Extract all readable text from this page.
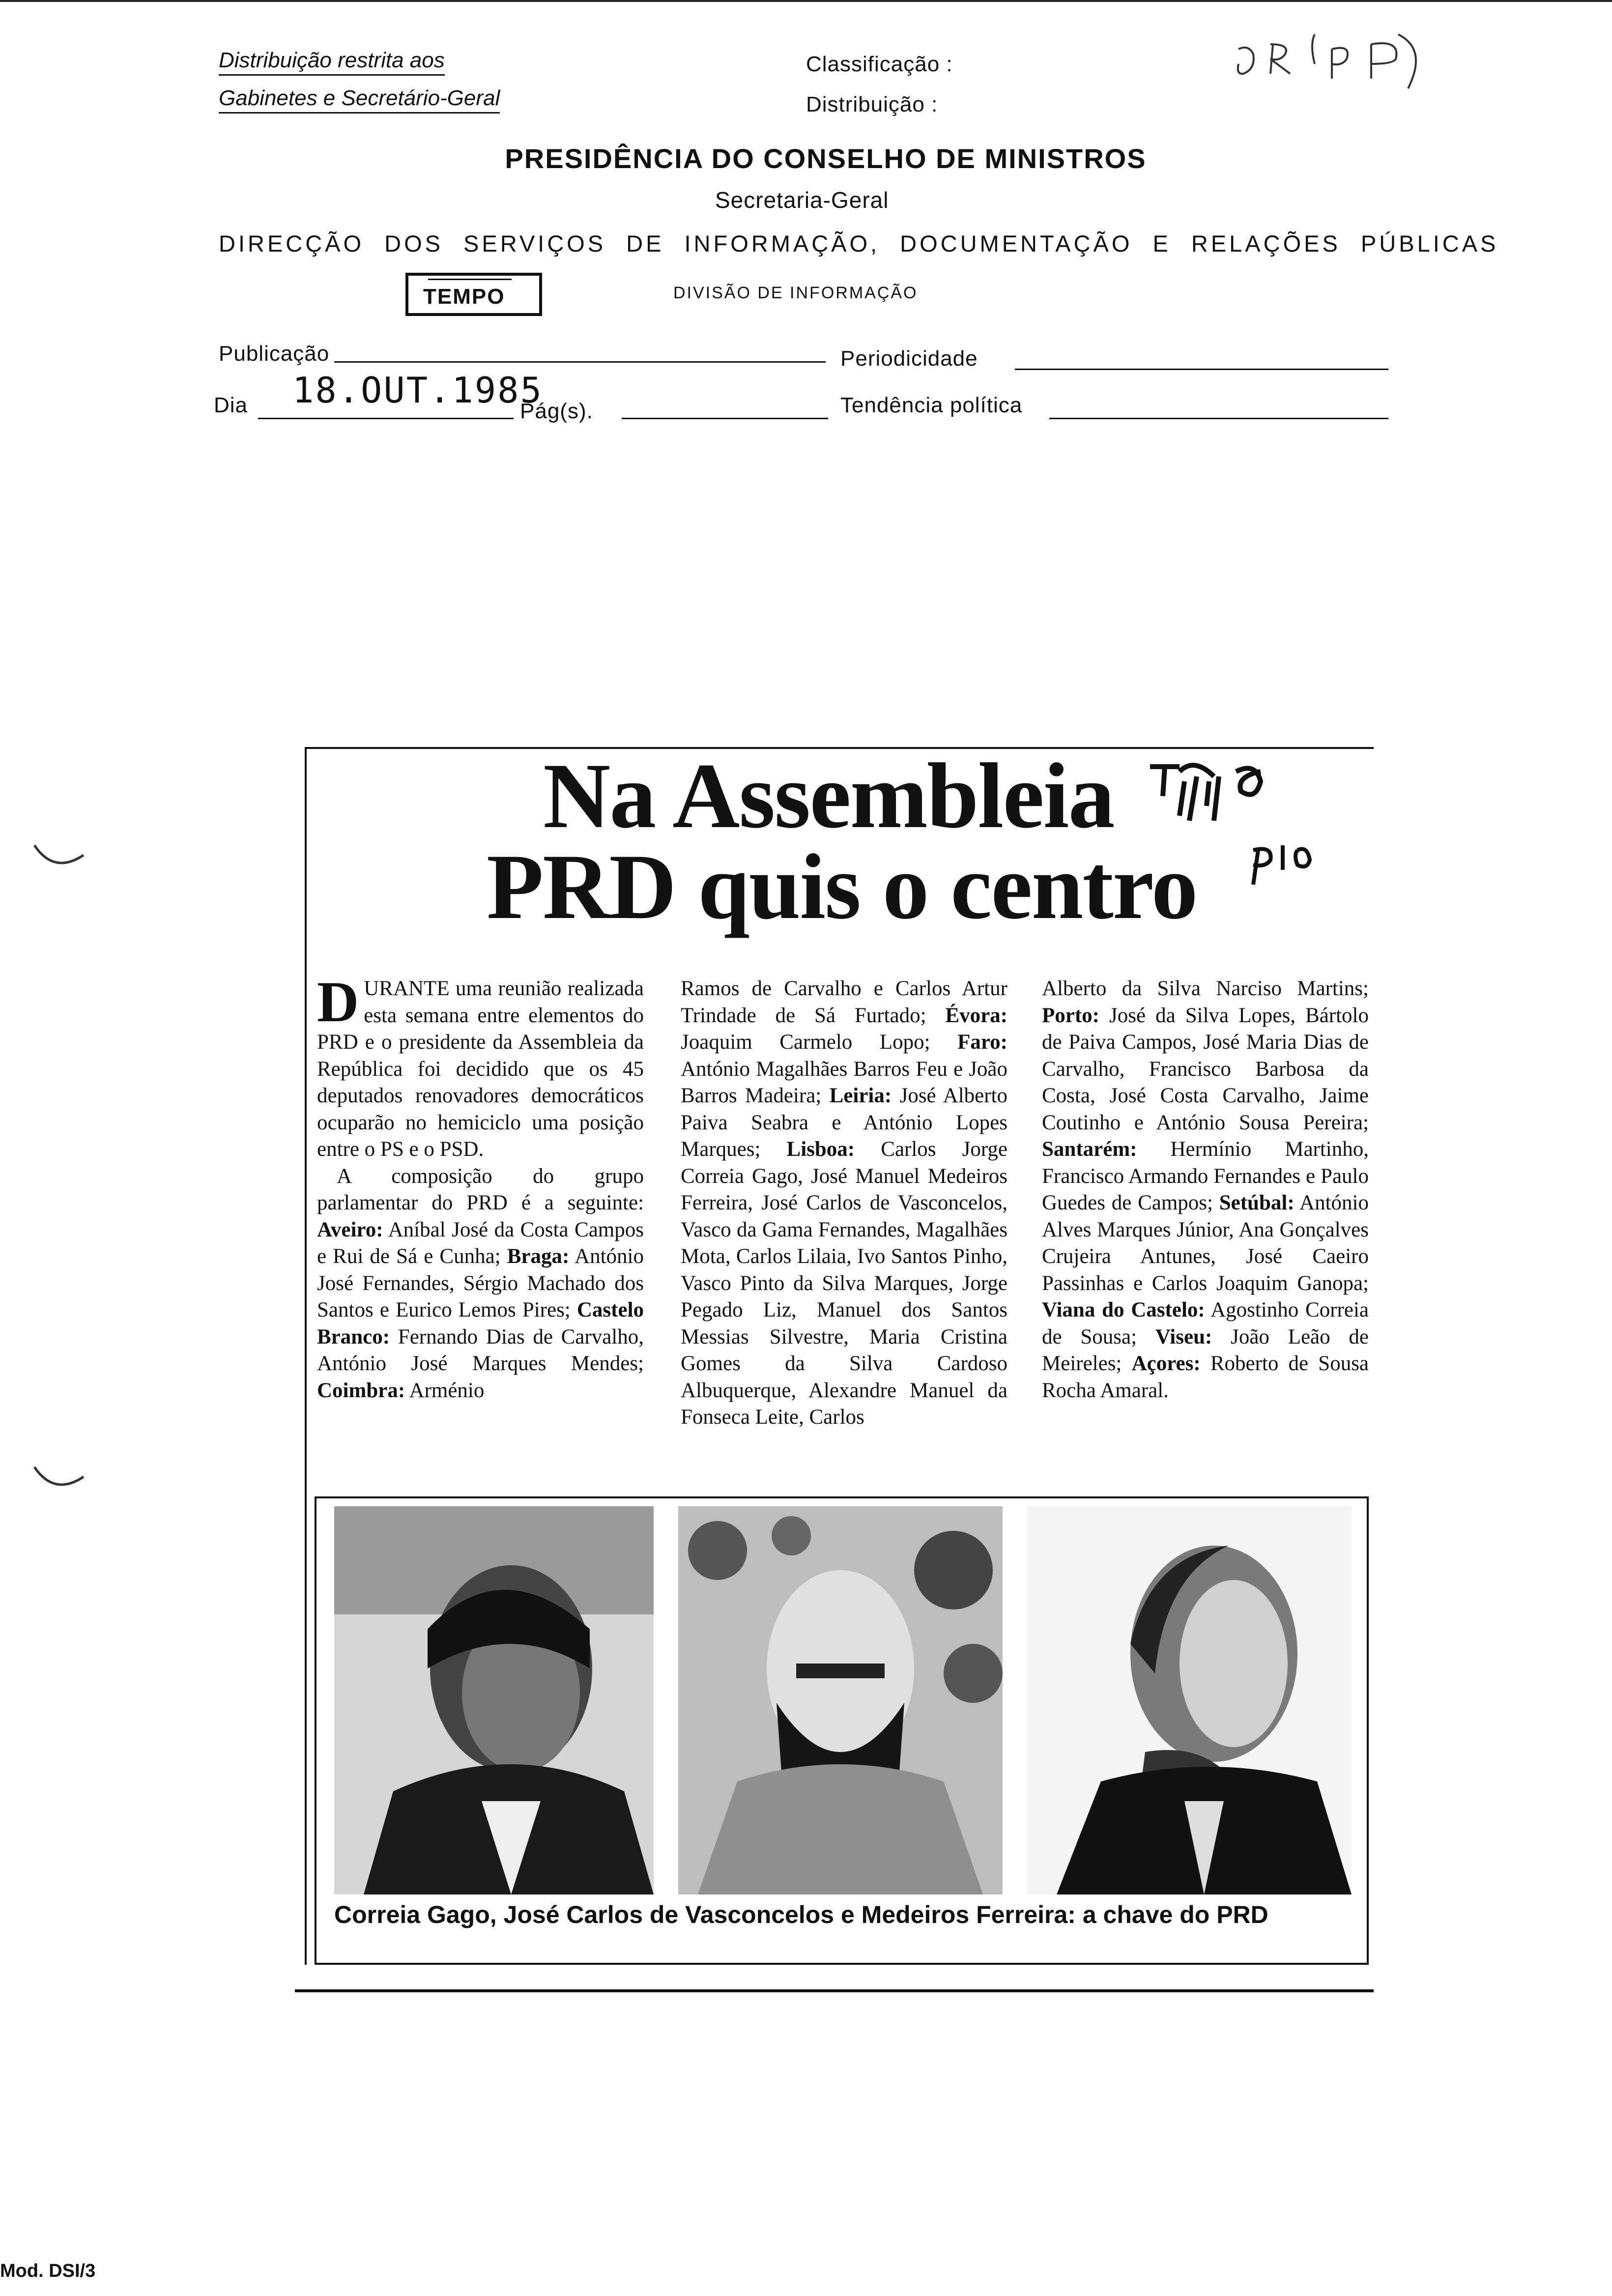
Distribuição restrita aos
Gabinetes e Secretário-Geral
Classificação :
Distribuição :
PRESIDÊNCIA DO CONSELHO DE MINISTROS
Secretaria-Geral
DIRECÇÃO DOS SERVIÇOS DE INFORMAÇÃO, DOCUMENTAÇÃO E RELAÇÕES PÚBLICAS
TEMPO	DIVISÃO DE INFORMAÇÃO
Publicação	Periodicidade
Dia 18.OUT.1985
Pág(s).	Tendência política
Na Assembleia
PRD quis o centro
DURANTE uma reunião realizada esta semana entre elementos do PRD e o presidente da Assembleia da República foi decidido que os 45 deputados renovadores democráticos ocuparão no hemiciclo uma posição entre o PS e o PSD.
A composição do grupo parlamentar do PRD é a seguinte: Aveiro: Aníbal José da Costa Campos e Rui de Sá e Cunha; Braga: António José Fernandes, Sérgio Machado dos Santos e Eurico Lemos Pires; Castelo Branco: Fernando Dias de Carvalho, António José Marques Mendes; Coimbra: Arménio
Ramos de Carvalho e Carlos Artur Trindade de Sá Furtado; Évora: Joaquim Carmelo Lopo; Faro: António Magalhães Barros Feu e João Barros Madeira; Leiria: José Alberto Paiva Seabra e António Lopes Marques; Lisboa: Carlos Jorge Correia Gago, José Manuel Medeiros Ferreira, José Carlos de Vasconcelos, Vasco da Gama Fernandes, Magalhães Mota, Carlos Lilaia, Ivo Santos Pinho, Vasco Pinto da Silva Marques, Jorge Pegado Liz, Manuel dos Santos Messias Silvestre, Maria Cristina Gomes da Silva Cardoso Albuquerque, Alexandre Manuel da Fonseca Leite, Carlos
Alberto da Silva Narciso Martins; Porto: José da Silva Lopes, Bártolo de Paiva Campos, José Maria Dias de Carvalho, Francisco Barbosa da Costa, José Costa Carvalho, Jaime Coutinho e António Sousa Pereira; Santarém: Hermínio Martinho, Francisco Armando Fernandes e Paulo Guedes de Campos; Setúbal: António Alves Marques Júnior, Ana Gonçalves Crujeira Antunes, José Caeiro Passinhas e Carlos Joaquim Ganopa; Viana do Castelo: Agostinho Correia de Sousa; Viseu: João Leão de Meireles; Açores: Roberto de Sousa Rocha Amaral.
Correia Gago, José Carlos de Vasconcelos e Medeiros Ferreira: a chave do PRD
Mod. DSI/3
